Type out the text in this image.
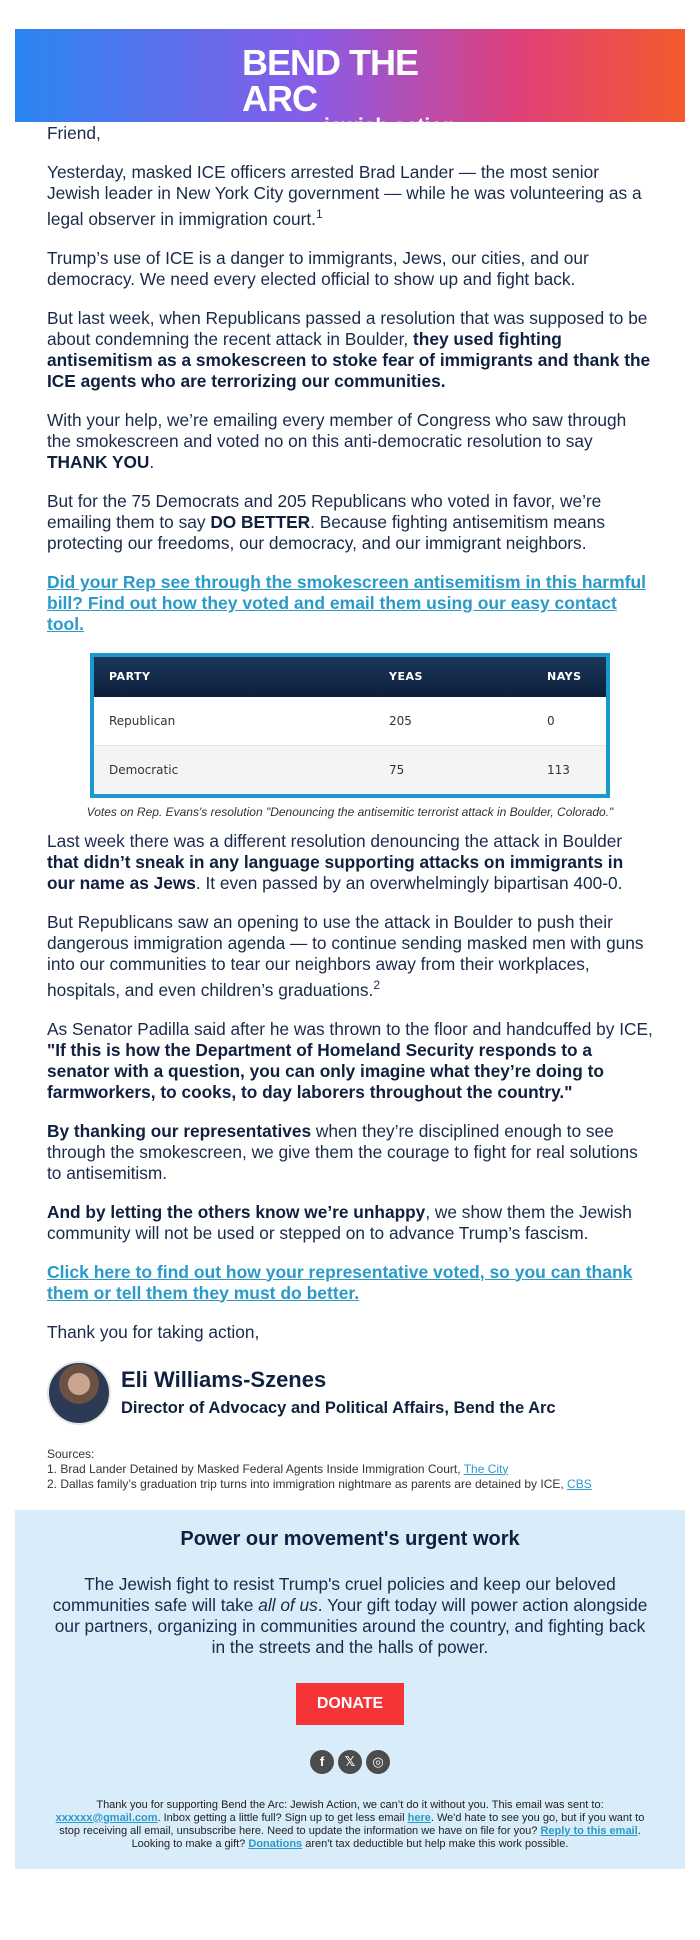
BEND THE ARC
jewish action

Friend,

Yesterday, masked ICE officers arrested Brad Lander — the most senior Jewish leader in New York City government — while he was volunteering as a legal observer in immigration court.$^1$

Trump’s use of ICE is a danger to immigrants, Jews, our cities, and our democracy. We need every elected official to show up and fight back.

But last week, when Republicans passed a resolution that was supposed to be about condemning the recent attack in Boulder, they used fighting antisemitism as a smokescreen to stoke fear of immigrants and thank the ICE agents who are terrorizing our communities.

With your help, we’re emailing every member of Congress who saw through the smokescreen and voted no on this anti-democratic resolution to say THANK YOU.

But for the 75 Democrats and 205 Republicans who voted in favor, we’re emailing them to say DO BETTER. Because fighting antisemitism means protecting our freedoms, our democracy, and our immigrant neighbors.

Did your Rep see through the smokescreen antisemitism in this harmful bill? Find out how they voted and email them using our easy contact tool.

PARTY	YEAS	NAYS
Republican	205	0
Democratic	75	113
Votes on Rep. Evans's resolution "Denouncing the antisemitic terrorist attack in Boulder, Colorado."

Last week there was a different resolution denouncing the attack in Boulder that didn’t sneak in any language supporting attacks on immigrants in our name as Jews. It even passed by an overwhelmingly bipartisan 400-0.

But Republicans saw an opening to use the attack in Boulder to push their dangerous immigration agenda — to continue sending masked men with guns into our communities to tear our neighbors away from their workplaces, hospitals, and even children’s graduations.$^2$

As Senator Padilla said after he was thrown to the floor and handcuffed by ICE, "If this is how the Department of Homeland Security responds to a senator with a question, you can only imagine what they’re doing to farmworkers, to cooks, to day laborers throughout the country."

By thanking our representatives when they’re disciplined enough to see through the smokescreen, we give them the courage to fight for real solutions to antisemitism.

And by letting the others know we’re unhappy, we show them the Jewish community will not be used or stepped on to advance Trump’s fascism.

Click here to find out how your representative voted, so you can thank them or tell them they must do better.

Thank you for taking action,

Eli Williams-Szenes
Director of Advocacy and Political Affairs, Bend the Arc
Sources:
1. Brad Lander Detained by Masked Federal Agents Inside Immigration Court, The City
2. Dallas family’s graduation trip turns into immigration nightmare as parents are detained by ICE, CBS
Power our movement's urgent work
The Jewish fight to resist Trump's cruel policies and keep our beloved communities safe will take all of us. Your gift today will power action alongside our partners, organizing in communities around the country, and fighting back in the streets and the halls of power.
DONATE
f	𝕏	◎
Thank you for supporting Bend the Arc: Jewish Action, we can’t do it without you. This email was sent to: xxxxxx@gmail.com. Inbox getting a little full? Sign up to get less email here. We'd hate to see you go, but if you want to stop receiving all email, unsubscribe here. Need to update the information we have on file for you? Reply to this email. Looking to make a gift? Donations aren't tax deductible but help make this work possible.
